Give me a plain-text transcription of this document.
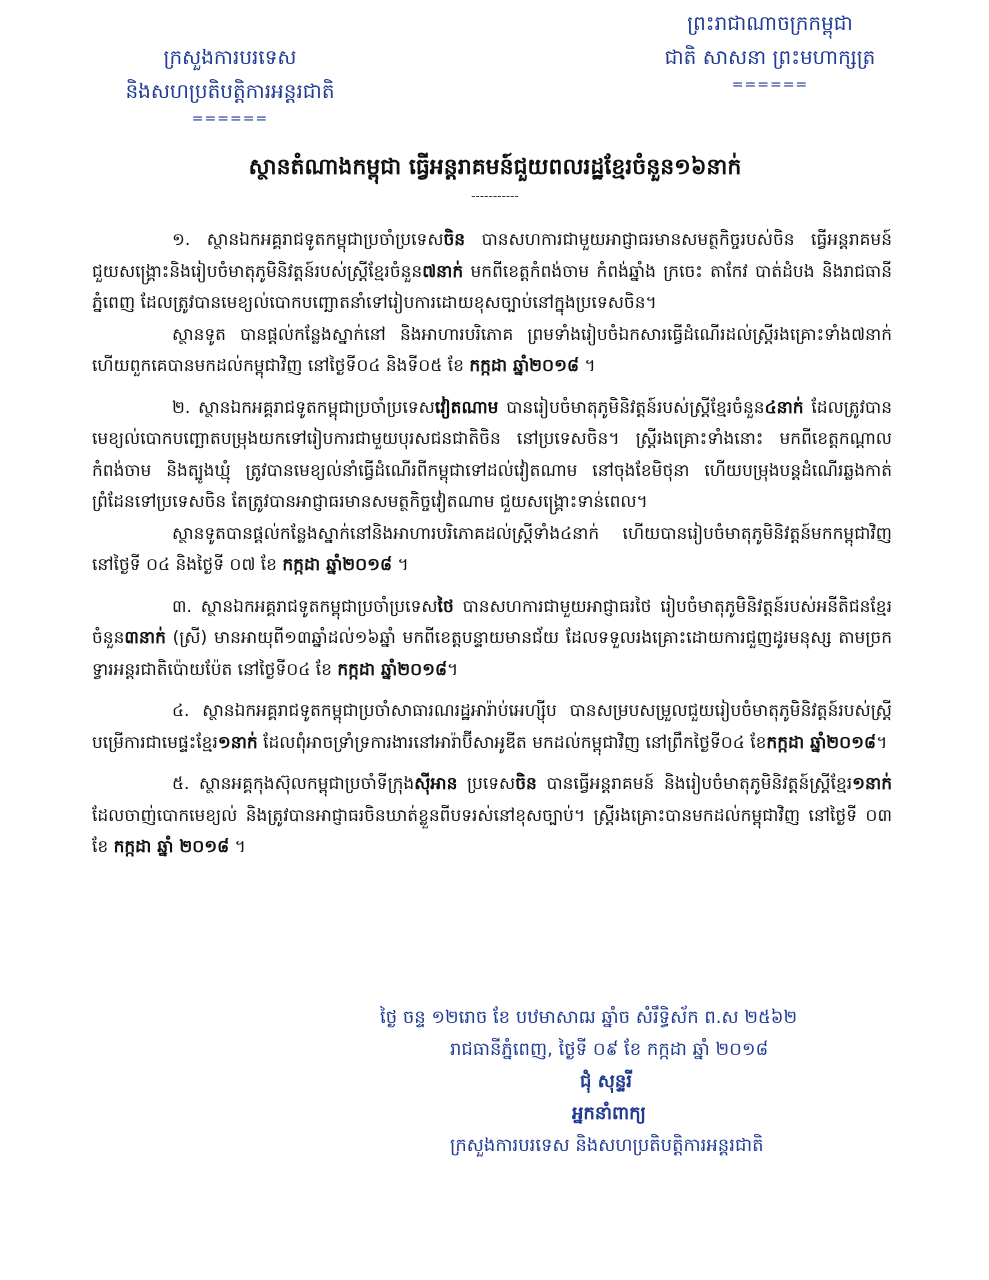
ក្រសួងការបរទេស
និងសហប្រតិបត្តិការអន្តរជាតិ
======
ព្រះរាជាណាចក្រកម្ពុជា
ជាតិ សាសនា ព្រះមហាក្សត្រ
======
ស្ថានតំណាងកម្ពុជា ធ្វើអន្តរាគមន៍ជួយពលរដ្ឋខ្មែរចំនួន១៦នាក់
-----------

១. ស្ថានឯកអគ្គរាជទូតកម្ពុជាប្រចាំប្រទេសចិន បានសហការជាមួយអាជ្ញាធរមានសមត្ថកិច្ចរបស់ចិន ធ្វើអន្តរាគមន៍ជួយសង្គ្រោះនិងរៀបចំមាតុភូមិនិវត្តន៍របស់ស្ត្រីខ្មែរចំនួន៧នាក់ មកពីខេត្តកំពង់ចាម កំពង់ឆ្នាំង ក្រចេះ តាកែវ បាត់ដំបង និងរាជធានីភ្នំពេញ ដែលត្រូវបានមេខ្យល់បោកបញ្ឆោតនាំទៅរៀបការដោយខុសច្បាប់នៅក្នុងប្រទេសចិន។

ស្ថានទូត បានផ្តល់កន្លែងស្នាក់នៅ និងអាហារបរិភោគ ព្រមទាំងរៀបចំឯកសារធ្វើដំណើរដល់ស្ត្រីរងគ្រោះទាំង៧នាក់ ហើយពួកគេបានមកដល់កម្ពុជាវិញ នៅថ្ងៃទី០៤ និងទី០៥ ខែ កក្កដា ឆ្នាំ២០១៨ ។

២. ស្ថានឯកអគ្គរាជទូតកម្ពុជាប្រចាំប្រទេសវៀតណាម បានរៀបចំមាតុភូមិនិវត្តន៍របស់ស្ត្រីខ្មែរចំនួន៤នាក់ ដែលត្រូវបានមេខ្យល់បោកបញ្ឆោតបម្រុងយកទៅរៀបការជាមួយបុរសជនជាតិចិន នៅប្រទេសចិន។ ស្ត្រីរងគ្រោះទាំងនោះ មកពីខេត្តកណ្តាល កំពង់ចាម និងត្បូងឃ្មុំ ត្រូវបានមេខ្យល់នាំធ្វើដំណើរពីកម្ពុជាទៅដល់វៀតណាម នៅចុងខែមិថុនា ហើយបម្រុងបន្តដំណើរឆ្លងកាត់ព្រំដែនទៅប្រទេសចិន តែត្រូវបានអាជ្ញាធរមានសមត្ថកិច្ចវៀតណាម ជួយសង្គ្រោះទាន់ពេល។

ស្ថានទូតបានផ្តល់កន្លែងស្នាក់នៅនិងអាហារបរិភោគដល់ស្ត្រីទាំង៤នាក់ ហើយបានរៀបចំមាតុភូមិនិវត្តន៍មកកម្ពុជាវិញ នៅថ្ងៃទី ០៤ និងថ្ងៃទី ០៧ ខែ កក្កដា ឆ្នាំ២០១៨ ។

៣. ស្ថានឯកអគ្គរាជទូតកម្ពុជាប្រចាំប្រទេសថៃ បានសហការជាមួយអាជ្ញាធរថៃ រៀបចំមាតុភូមិនិវត្តន៍របស់អនីតិជនខ្មែរចំនួន៣នាក់ (ស្រី) មានអាយុពី១៣ឆ្នាំដល់១៦ឆ្នាំ មកពីខេត្តបន្ទាយមានជ័យ ដែលទទួលរងគ្រោះដោយការជួញដូរមនុស្ស តាមច្រកទ្វារអន្តរជាតិប៉ោយប៉ែត នៅថ្ងៃទី០៤ ខែ កក្កដា ឆ្នាំ២០១៨។

៤. ស្ថានឯកអគ្គរាជទូតកម្ពុជាប្រចាំសាធារណរដ្ឋអារ៉ាប់អេហ្ស៊ីប បានសម្របសម្រួលជួយរៀបចំមាតុភូមិនិវត្តន៍របស់ស្ត្រីបម្រើការជាមេផ្ទះខ្មែរ១នាក់ ដែលពុំអាចទ្រាំទ្រការងារនៅអារ៉ាប៊ីសាអូឌីត មកដល់កម្ពុជាវិញ នៅព្រឹកថ្ងៃទី០៤ ខែកក្កដា ឆ្នាំ២០១៨។

៥. ស្ថានអគ្គកុងស៊ុលកម្ពុជាប្រចាំទីក្រុងស៊ីអាន ប្រទេសចិន បានធ្វើអន្តរាគមន៍ និងរៀបចំមាតុភូមិនិវត្តន៍ស្ត្រីខ្មែរ១នាក់ ដែលចាញ់បោកមេខ្យល់ និងត្រូវបានអាជ្ញាធរចិនឃាត់ខ្លួនពីបទរស់នៅខុសច្បាប់។ ស្ត្រីរងគ្រោះបានមកដល់កម្ពុជាវិញ នៅថ្ងៃទី ០៣ ខែ កក្កដា ឆ្នាំ ២០១៨ ។

ថ្ងៃ ចន្ទ ១២រោច ខែ បឋមាសាឍ ឆ្នាំច សំរឹទ្ធិស័ក ព.ស ២៥៦២
រាជធានីភ្នំពេញ, ថ្ងៃទី ០៩ ខែ កក្កដា ឆ្នាំ ២០១៨
ជុំ សុន្ទរី
អ្នកនាំពាក្យ
ក្រសួងការបរទេស និងសហប្រតិបត្តិការអន្តរជាតិ
